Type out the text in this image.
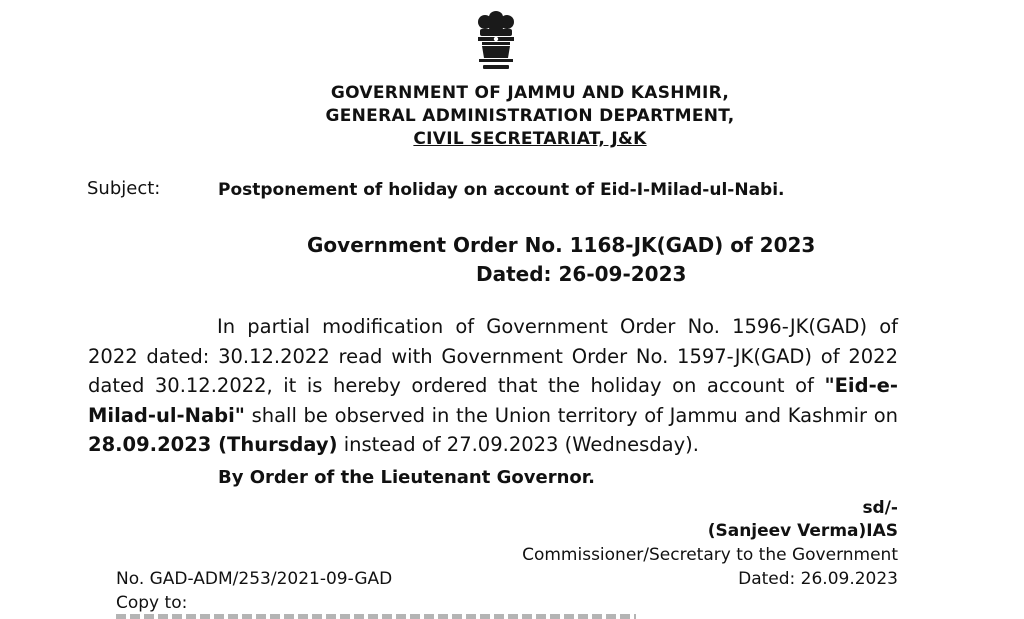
GOVERNMENT OF JAMMU AND KASHMIR,
GENERAL ADMINISTRATION DEPARTMENT,
CIVIL SECRETARIAT, J&K
Subject:	Postponement of holiday on account of Eid-I-Milad-ul-Nabi.
Government Order No. 1168-JK(GAD) of 2023
Dated: 26-09-2023
In partial modification of Government Order No. 1596-JK(GAD) of 2022 dated: 30.12.2022 read with Government Order No. 1597-JK(GAD) of 2022 dated 30.12.2022, it is hereby ordered that the holiday on account of "Eid-e-Milad-ul-Nabi" shall be observed in the Union territory of Jammu and Kashmir on 28.09.2023 (Thursday) instead of 27.09.2023 (Wednesday).
By Order of the Lieutenant Governor.
sd/-
(Sanjeev Verma)IAS
Commissioner/Secretary to the Government
Dated: 26.09.2023
No. GAD-ADM/253/2021-09-GAD
Copy to:
